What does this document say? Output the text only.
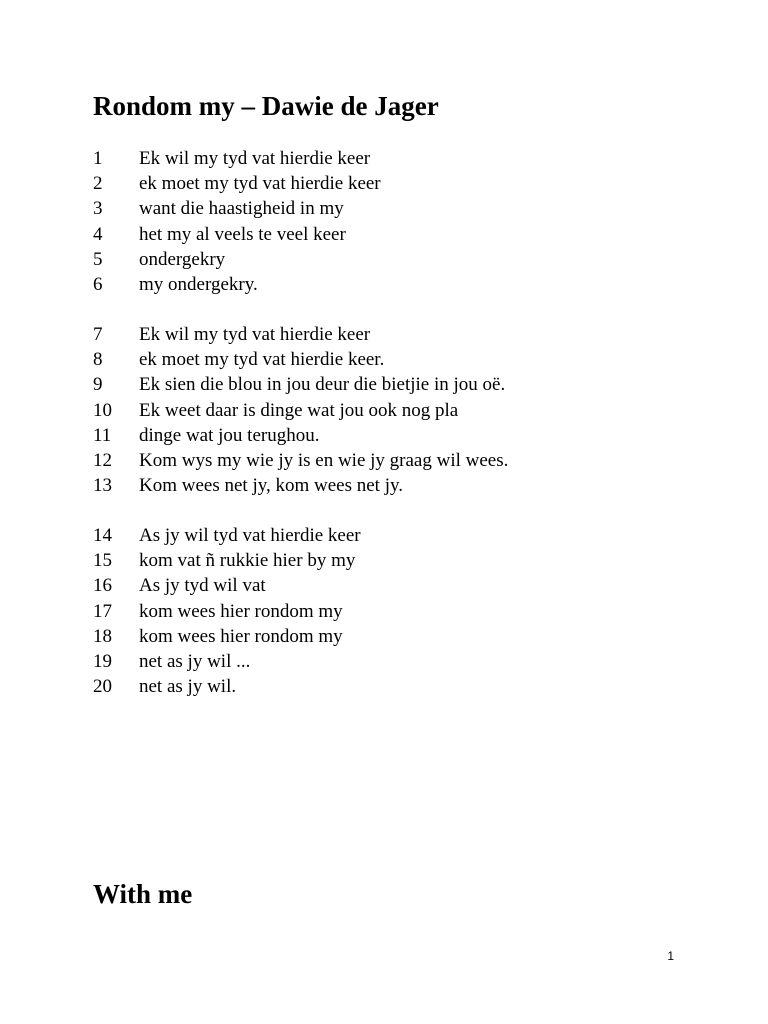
Rondom my – Dawie de Jager
1 Ek wil my tyd vat hierdie keer
2 ek moet my tyd vat hierdie keer
3 want die haastigheid in my
4 het my al veels te veel keer
5 ondergekry
6 my ondergekry.
7 Ek wil my tyd vat hierdie keer
8 ek moet my tyd vat hierdie keer.
9 Ek sien die blou in jou deur die bietjie in jou oë.
10 Ek weet daar is dinge wat jou ook nog pla
11 dinge wat jou terughou.
12 Kom wys my wie jy is en wie jy graag wil wees.
13 Kom wees net jy, kom wees net jy.
14 As jy wil tyd vat hierdie keer
15 kom vat ñ rukkie hier by my
16 As jy tyd wil vat
17 kom wees hier rondom my
18 kom wees hier rondom my
19 net as jy wil ...
20 net as jy wil.
With me
1
